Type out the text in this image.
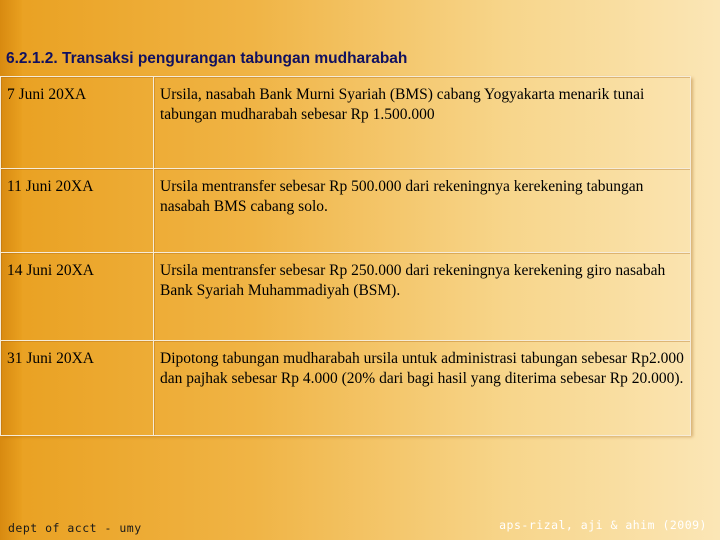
6.2.1.2. Transaksi pengurangan tabungan mudharabah
7 Juni 20XA	Ursila, nasabah Bank Murni Syariah (BMS) cabang Yogyakarta menarik tunai tabungan mudharabah sebesar Rp 1.500.000
11 Juni 20XA	Ursila mentransfer sebesar Rp 500.000 dari rekeningnya kerekening tabungan nasabah BMS cabang solo.
14 Juni 20XA	Ursila mentransfer sebesar Rp 250.000 dari rekeningnya kerekening giro nasabah Bank Syariah Muhammadiyah (BSM).
31 Juni 20XA	Dipotong tabungan mudharabah ursila untuk administrasi tabungan sebesar Rp2.000 dan pajhak sebesar Rp 4.000 (20% dari bagi hasil yang diterima sebesar Rp 20.000).
dept of acct - umy	aps-rizal, aji & ahim (2009)
